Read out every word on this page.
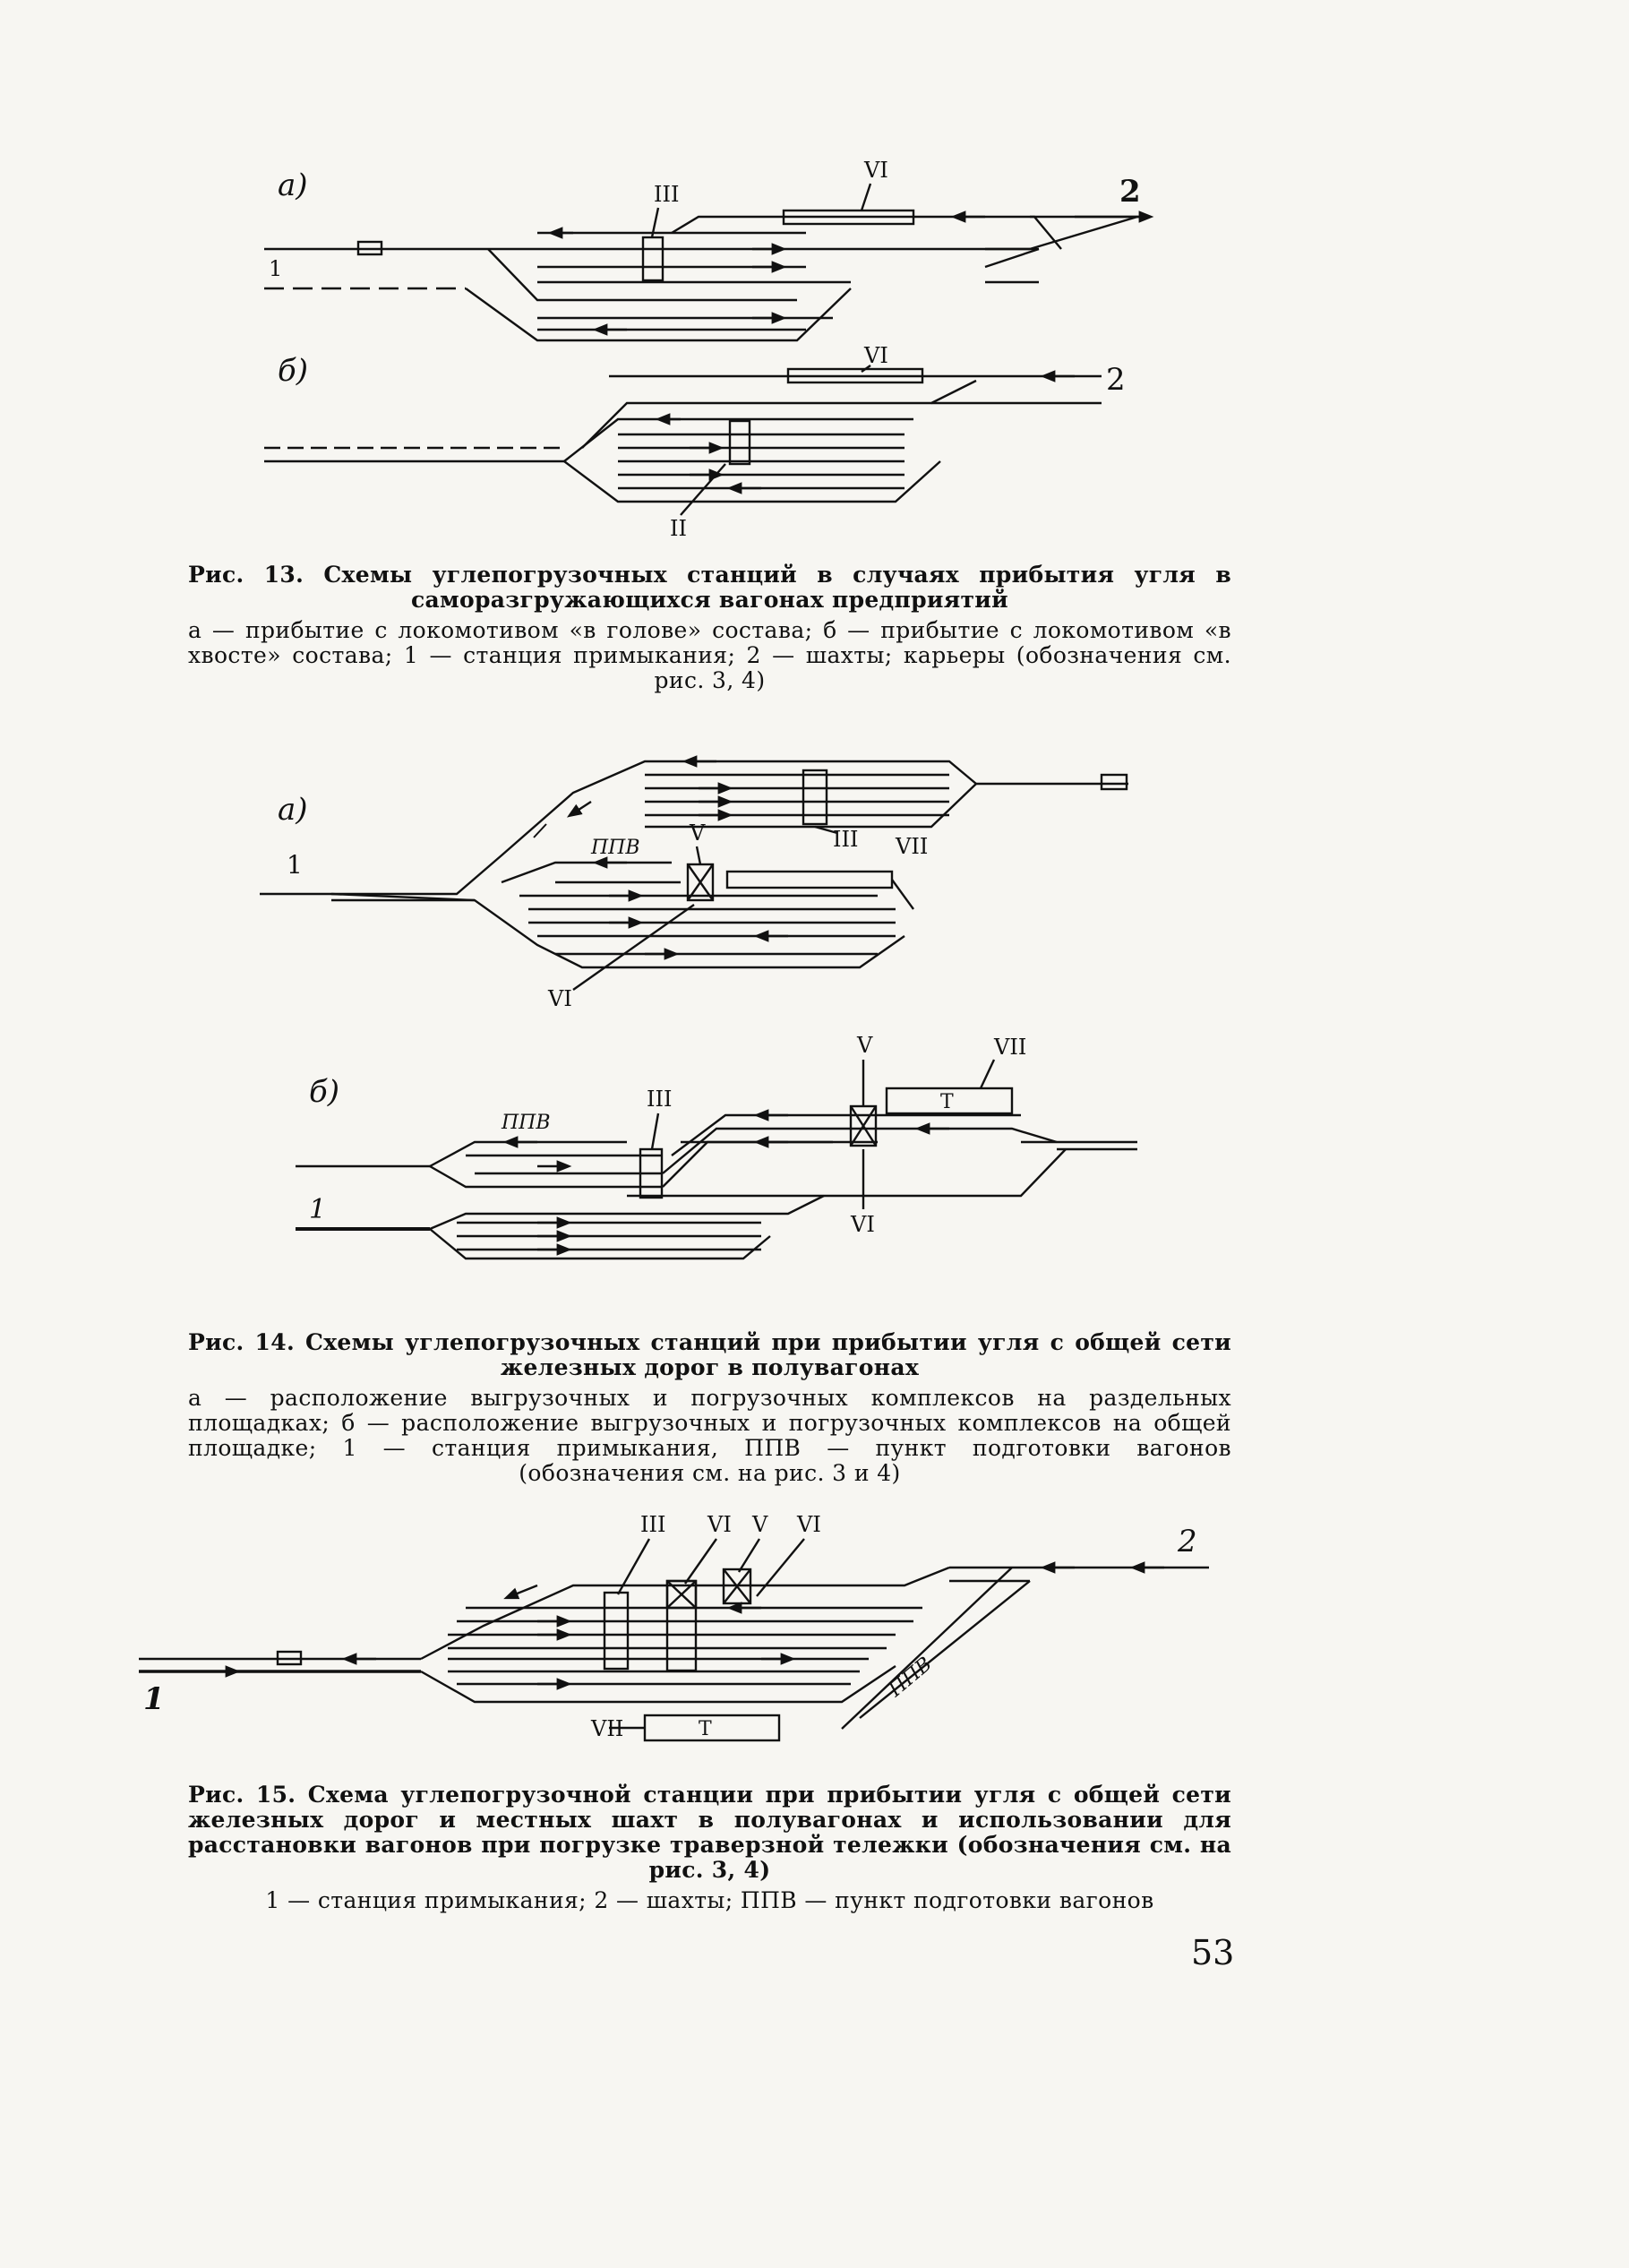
а)	III
VI
1
2
б)	VI
2
II
Рис. 13. Схемы углепогрузочных станций в случаях прибытия угля в саморазгружающихся вагонах предприятий
а — прибытие с локомотивом «в голове» состава; б — прибытие с локомотивом «в хвосте» состава; 1 — станция примыкания; 2 — шахты; карьеры (обозначения см. рис. 3, 4)
а)
1
ППВ
V
VII
III
VI
б)
ППВ
III
V	VII
Т
VI
1
Рис. 14. Схемы углепогрузочных станций при прибытии угля с общей сети железных дорог в полувагонах
а — расположение выгрузочных и погрузочных комплексов на раздельных площадках; б — расположение выгрузочных и погрузочных комплексов на общей площадке; 1 — станция примыкания, ППВ — пункт подготовки вагонов (обозначения см. на рис. 3 и 4)
III VI V VI
VII	Т
ППВ
2
1
Рис. 15. Схема углепогрузочной станции при прибытии угля с общей сети железных дорог и местных шахт в полувагонах и использовании для расстановки вагонов при погрузке траверзной тележки (обозначения см. на рис. 3, 4)
1 — станция примыкания; 2 — шахты; ППВ — пункт подготовки вагонов
53
